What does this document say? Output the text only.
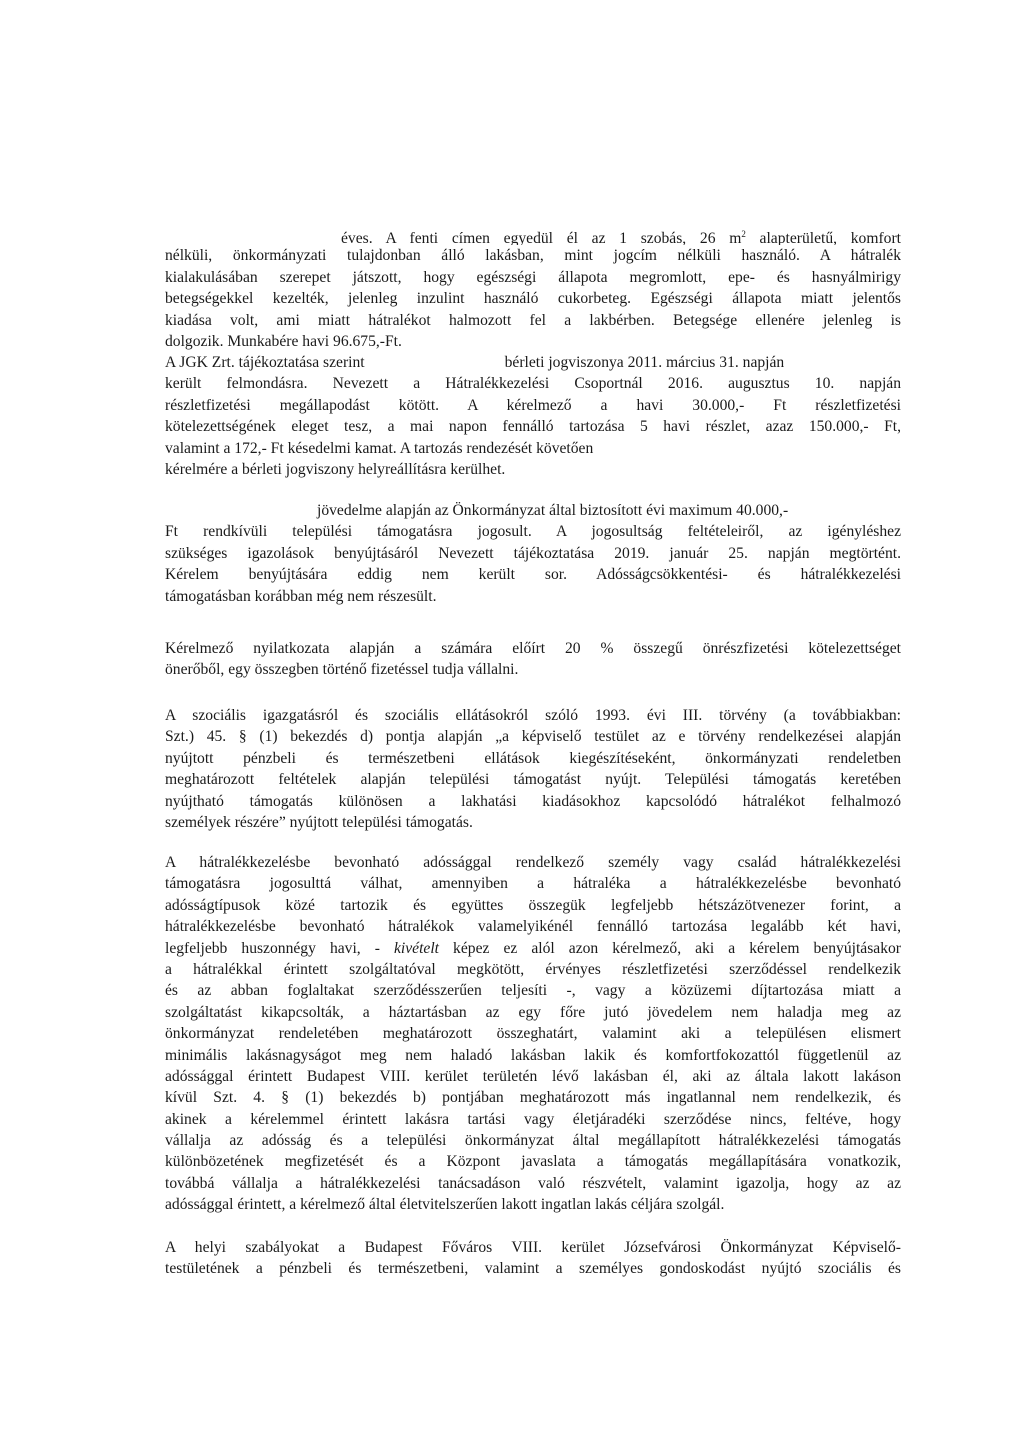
éves. A fenti címen egyedül él az 1 szobás, 26 $m^2$ alapterületű, komfort
nélküli, önkormányzati tulajdonban álló lakásban, mint jogcím nélküli használó. A hátralék
kialakulásában szerepet játszott, hogy egészségi állapota megromlott, epe- és hasnyálmirigy
betegségekkel kezelték, jelenleg inzulint használó cukorbeteg. Egészségi állapota miatt jelentős
kiadása volt, ami miatt hátralékot halmozott fel a lakbérben. Betegsége ellenére jelenleg is
dolgozik. Munkabére havi 96.675,-Ft.
A JGK Zrt. tájékoztatása szerint	bérleti jogviszonya 2011. március 31. napján
került felmondásra. Nevezett a Hátralékkezelési Csoportnál 2016. augusztus 10. napján
részletfizetési megállapodást kötött. A kérelmező a havi 30.000,- Ft részletfizetési
kötelezettségének eleget tesz, a mai napon fennálló tartozása 5 havi részlet, azaz 150.000,- Ft,
valamint a 172,- Ft késedelmi kamat. A tartozás rendezését követően
kérelmére a bérleti jogviszony helyreállításra kerülhet.
jövedelme alapján az Önkormányzat által biztosított évi maximum 40.000,-
Ft rendkívüli települési támogatásra jogosult. A jogosultság feltételeiről, az igényléshez
szükséges igazolások benyújtásáról Nevezett tájékoztatása 2019. január 25. napján megtörtént.
Kérelem benyújtására eddig nem került sor. Adósságcsökkentési- és hátralékkezelési
támogatásban korábban még nem részesült.
Kérelmező nyilatkozata alapján a számára előírt 20 % összegű önrészfizetési kötelezettséget
önerőből, egy összegben történő fizetéssel tudja vállalni.
A szociális igazgatásról és szociális ellátásokról szóló 1993. évi III. törvény (a továbbiakban:
Szt.) 45. § (1) bekezdés d) pontja alapján „a képviselő testület az e törvény rendelkezései alapján
nyújtott pénzbeli és természetbeni ellátások kiegészítéseként, önkormányzati rendeletben
meghatározott feltételek alapján települési támogatást nyújt. Települési támogatás keretében
nyújtható támogatás különösen a lakhatási kiadásokhoz kapcsolódó hátralékot felhalmozó
személyek részére” nyújtott települési támogatás.
A hátralékkezelésbe bevonható adóssággal rendelkező személy vagy család hátralékkezelési
támogatásra jogosulttá válhat, amennyiben a hátraléka a hátralékkezelésbe bevonható
adósságtípusok közé tartozik és együttes összegük legfeljebb hétszázötvenezer forint, a
hátralékkezelésbe bevonható hátralékok valamelyikénél fennálló tartozása legalább két havi,
legfeljebb huszonnégy havi, - kivételt képez ez alól azon kérelmező, aki a kérelem benyújtásakor
a hátralékkal érintett szolgáltatóval megkötött, érvényes részletfizetési szerződéssel rendelkezik
és az abban foglaltakat szerződésszerűen teljesíti -, vagy a közüzemi díjtartozása miatt a
szolgáltatást kikapcsolták, a háztartásban az egy főre jutó jövedelem nem haladja meg az
önkormányzat rendeletében meghatározott összeghatárt, valamint aki a településen elismert
minimális lakásnagyságot meg nem haladó lakásban lakik és komfortfokozattól függetlenül az
adóssággal érintett Budapest VIII. kerület területén lévő lakásban él, aki az általa lakott lakáson
kívül Szt. 4. § (1) bekezdés b) pontjában meghatározott más ingatlannal nem rendelkezik, és
akinek a kérelemmel érintett lakásra tartási vagy életjáradéki szerződése nincs, feltéve, hogy
vállalja az adósság és a települési önkormányzat által megállapított hátralékkezelési támogatás
különbözetének megfizetését és a Központ javaslata a támogatás megállapítására vonatkozik,
továbbá vállalja a hátralékkezelési tanácsadáson való részvételt, valamint igazolja, hogy az az
adóssággal érintett, a kérelmező által életvitelszerűen lakott ingatlan lakás céljára szolgál.
A helyi szabályokat a Budapest Főváros VIII. kerület Józsefvárosi Önkormányzat Képviselő-
testületének a pénzbeli és természetbeni, valamint a személyes gondoskodást nyújtó szociális és
